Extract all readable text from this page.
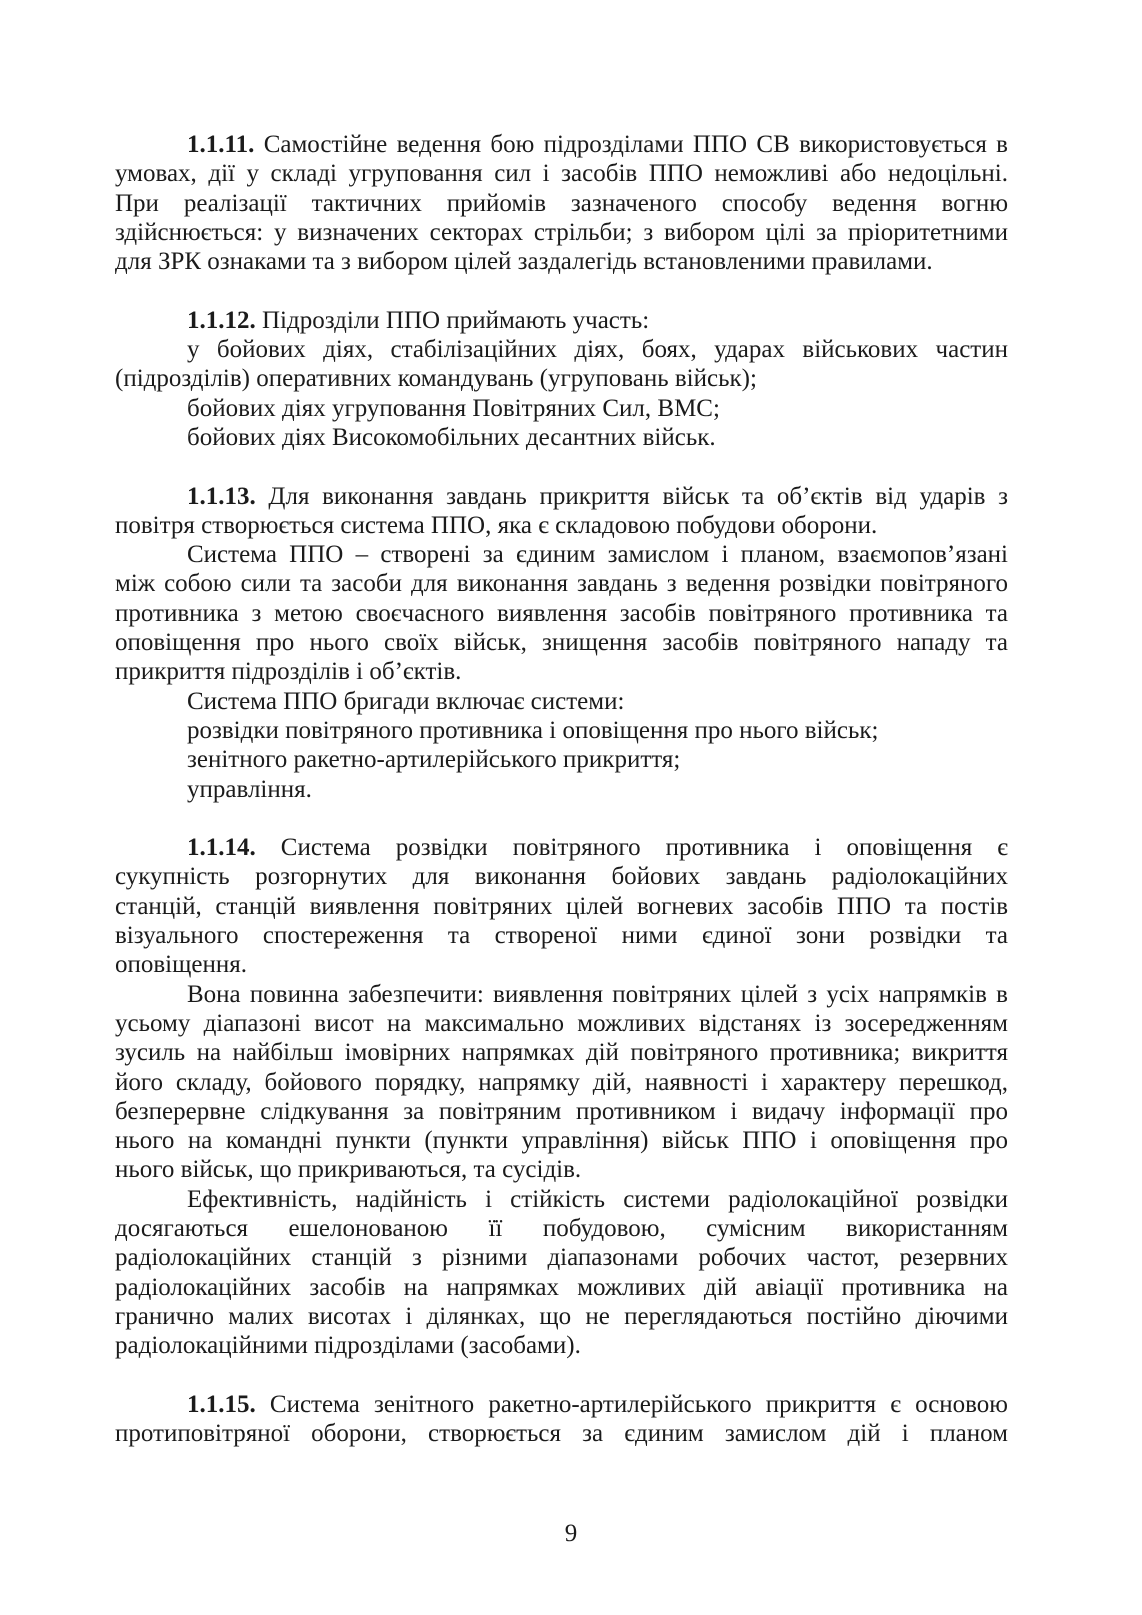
1.1.11. Самостійне ведення бою підрозділами ППО СВ використовується в
умовах, дії у складі угруповання сил і засобів ППО неможливі або недоцільні.
При реалізації тактичних прийомів зазначеного способу ведення вогню
здійснюється: у визначених секторах стрільби; з вибором цілі за пріоритетними
для ЗРК ознаками та з вибором цілей заздалегідь встановленими правилами.
1.1.12. Підрозділи ППО приймають участь:
у бойових діях, стабілізаційних діях, боях, ударах військових частин
(підрозділів) оперативних командувань (угруповань військ);
бойових діях угруповання Повітряних Сил, ВМС;
бойових діях Високомобільних десантних військ.
1.1.13. Для виконання завдань прикриття військ та об’єктів від ударів з
повітря створюється система ППО, яка є складовою побудови оборони.
Система ППО – створені за єдиним замислом і планом, взаємопов’язані
між собою сили та засоби для виконання завдань з ведення розвідки повітряного
противника з метою своєчасного виявлення засобів повітряного противника та
оповіщення про нього своїх військ, знищення засобів повітряного нападу та
прикриття підрозділів і об’єктів.
Система ППО бригади включає системи:
розвідки повітряного противника і оповіщення про нього військ;
зенітного ракетно-артилерійського прикриття;
управління.
1.1.14. Система розвідки повітряного противника і оповіщення є
сукупність розгорнутих для виконання бойових завдань радіолокаційних
станцій, станцій виявлення повітряних цілей вогневих засобів ППО та постів
візуального спостереження та створеної ними єдиної зони розвідки та
оповіщення.
Вона повинна забезпечити: виявлення повітряних цілей з усіх напрямків в
усьому діапазоні висот на максимально можливих відстанях із зосередженням
зусиль на найбільш імовірних напрямках дій повітряного противника; викриття
його складу, бойового порядку, напрямку дій, наявності і характеру перешкод,
безперервне слідкування за повітряним противником і видачу інформації про
нього на командні пункти (пункти управління) військ ППО і оповіщення про
нього військ, що прикриваються, та сусідів.
Ефективність, надійність і стійкість системи радіолокаційної розвідки
досягаються ешелонованою її побудовою, сумісним використанням
радіолокаційних станцій з різними діапазонами робочих частот, резервних
радіолокаційних засобів на напрямках можливих дій авіації противника на
гранично малих висотах і ділянках, що не переглядаються постійно діючими
радіолокаційними підрозділами (засобами).
1.1.15. Система зенітного ракетно-артилерійського прикриття є основою
протиповітряної оборони, створюється за єдиним замислом дій і планом
9
